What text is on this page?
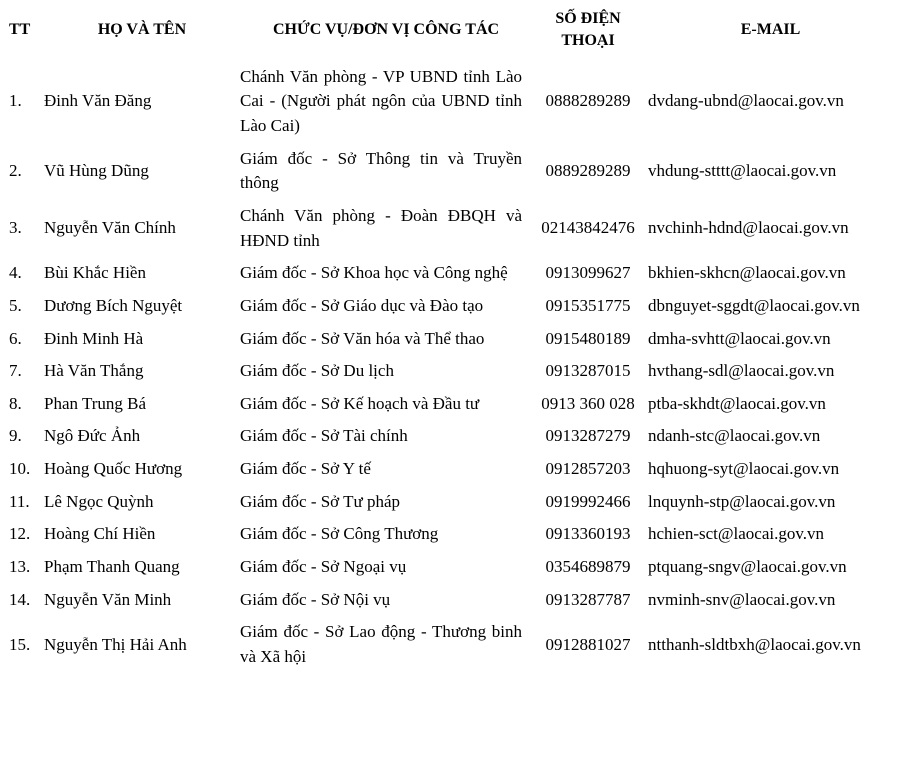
TT	HỌ VÀ TÊN	CHỨC VỤ/ĐƠN VỊ CÔNG TÁC	SỐ ĐIỆN THOẠI	E-MAIL
1.	Đinh Văn Đăng	Chánh Văn phòng - VP UBND tỉnh Lào Cai - (Người phát ngôn của UBND tỉnh Lào Cai)	0888289289	dvdang-ubnd@laocai.gov.vn
2.	Vũ Hùng Dũng	Giám đốc - Sở Thông tin và Truyền thông	0889289289	vhdung-stttt@laocai.gov.vn
3.	Nguyễn Văn Chính	Chánh Văn phòng - Đoàn ĐBQH và HĐND tỉnh	02143842476	nvchinh-hdnd@laocai.gov.vn
4.	Bùi Khắc Hiền	Giám đốc - Sở Khoa học và Công nghệ	0913099627	bkhien-skhcn@laocai.gov.vn
5.	Dương Bích Nguyệt	Giám đốc - Sở Giáo dục và Đào tạo	0915351775	dbnguyet-sggdt@laocai.gov.vn
6.	Đinh Minh Hà	Giám đốc - Sở Văn hóa và Thể thao	0915480189	dmha-svhtt@laocai.gov.vn
7.	Hà Văn Thắng	Giám đốc - Sở Du lịch	0913287015	hvthang-sdl@laocai.gov.vn
8.	Phan Trung Bá	Giám đốc - Sở Kế hoạch và Đầu tư	0913 360 028	ptba-skhdt@laocai.gov.vn
9.	Ngô Đức Ảnh	Giám đốc - Sở Tài chính	0913287279	ndanh-stc@laocai.gov.vn
10.	Hoàng Quốc Hương	Giám đốc - Sở Y tế	0912857203	hqhuong-syt@laocai.gov.vn
11.	Lê Ngọc Quỳnh	Giám đốc - Sở Tư pháp	0919992466	lnquynh-stp@laocai.gov.vn
12.	Hoàng Chí Hiền	Giám đốc - Sở Công Thương	0913360193	hchien-sct@laocai.gov.vn
13.	Phạm Thanh Quang	Giám đốc - Sở Ngoại vụ	0354689879	ptquang-sngv@laocai.gov.vn
14.	Nguyễn Văn Minh	Giám đốc - Sở Nội vụ	0913287787	nvminh-snv@laocai.gov.vn
15.	Nguyễn Thị Hải Anh	Giám đốc - Sở Lao động - Thương binh và Xã hội	0912881027	ntthanh-sldtbxh@laocai.gov.vn
